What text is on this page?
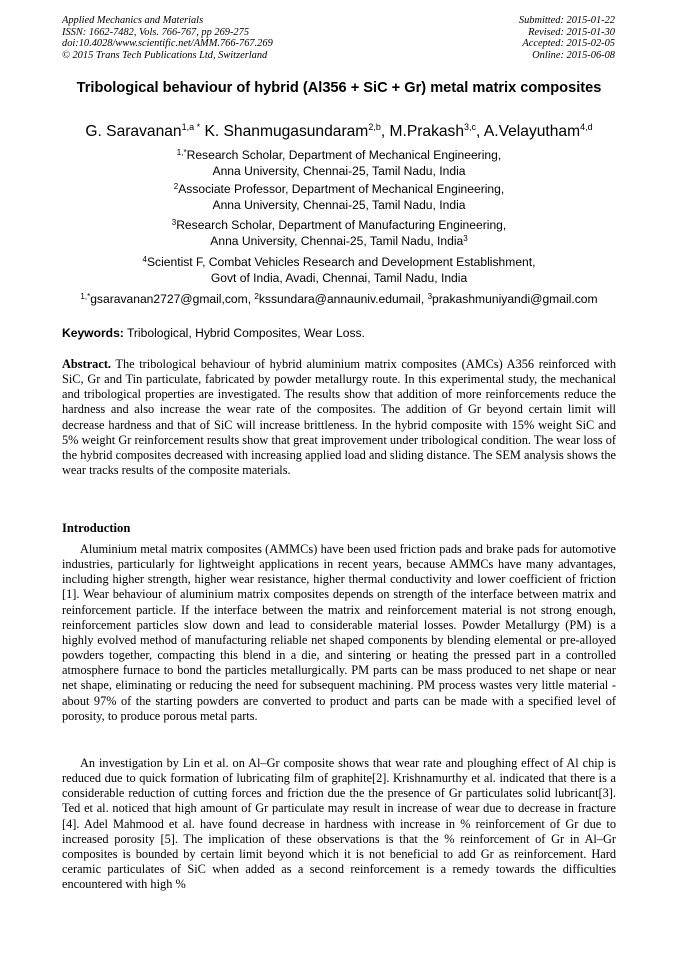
Applied Mechanics and Materials
ISSN: 1662-7482, Vols. 766-767, pp 269-275
doi:10.4028/www.scientific.net/AMM.766-767.269
© 2015 Trans Tech Publications Ltd, Switzerland
Submitted: 2015-01-22
Revised: 2015-01-30
Accepted: 2015-02-05
Online: 2015-06-08
Tribological behaviour of hybrid (Al356 + SiC + Gr) metal matrix composites
G. Saravanan$^{1,a *}$ K. Shanmugasundaram$^{2,b}$, M.Prakash$^{3,c}$, A.Velayutham$^{4,d}$
$^{1,*}$Research Scholar, Department of Mechanical Engineering,
Anna University, Chennai-25, Tamil Nadu, India
$^2$Associate Professor, Department of Mechanical Engineering,
Anna University, Chennai-25, Tamil Nadu, India
$^3$Research Scholar, Department of Manufacturing Engineering,
Anna University, Chennai-25, Tamil Nadu, India$^3$
$^4$Scientist F, Combat Vehicles Research and Development Establishment,
Govt of India, Avadi, Chennai, Tamil Nadu, India
$^{1,*}$gsaravanan2727@gmail,com, $^2$kssundara@annauniv.edumail, $^3$prakashmuniyandi@gmail.com
Keywords: Tribological, Hybrid Composites, Wear Loss.
Abstract. The tribological behaviour of hybrid aluminium matrix composites (AMCs) A356 reinforced with SiC, Gr and Tin particulate, fabricated by powder metallurgy route. In this experimental study, the mechanical and tribological properties are investigated. The results show that addition of more reinforcements reduce the hardness and also increase the wear rate of the composites. The addition of Gr beyond certain limit will decrease hardness and that of SiC will increase brittleness. In the hybrid composite with 15% weight SiC and 5% weight Gr reinforcement results show that great improvement under tribological condition. The wear loss of the hybrid composites decreased with increasing applied load and sliding distance. The SEM analysis shows the wear tracks results of the composite materials.
Introduction
Aluminium metal matrix composites (AMMCs) have been used friction pads and brake pads for automotive industries, particularly for lightweight applications in recent years, because AMMCs have many advantages, including higher strength, higher wear resistance, higher thermal conductivity and lower coefficient of friction [1]. Wear behaviour of aluminium matrix composites depends on strength of the interface between matrix and reinforcement particle. If the interface between the matrix and reinforcement material is not strong enough, reinforcement particles slow down and lead to considerable material losses. Powder Metallurgy (PM) is a highly evolved method of manufacturing reliable net shaped components by blending elemental or pre-alloyed powders together, compacting this blend in a die, and sintering or heating the pressed part in a controlled atmosphere furnace to bond the particles metallurgically. PM parts can be mass produced to net shape or near net shape, eliminating or reducing the need for subsequent machining. PM process wastes very little material - about 97% of the starting powders are converted to product and parts can be made with a specified level of porosity, to produce porous metal parts.
An investigation by Lin et al. on Al–Gr composite shows that wear rate and ploughing effect of Al chip is reduced due to quick formation of lubricating film of graphite[2]. Krishnamurthy et al. indicated that there is a considerable reduction of cutting forces and friction due the the presence of Gr particulates solid lubricant[3]. Ted et al. noticed that high amount of Gr particulate may result in increase of wear due to decrease in fracture [4]. Adel Mahmood et al. have found decrease in hardness with increase in % reinforcement of Gr due to increased porosity [5]. The implication of these observations is that the % reinforcement of Gr in Al–Gr composites is bounded by certain limit beyond which it is not beneficial to add Gr as reinforcement. Hard ceramic particulates of SiC when added as a second reinforcement is a remedy towards the difficulties encountered with high %
